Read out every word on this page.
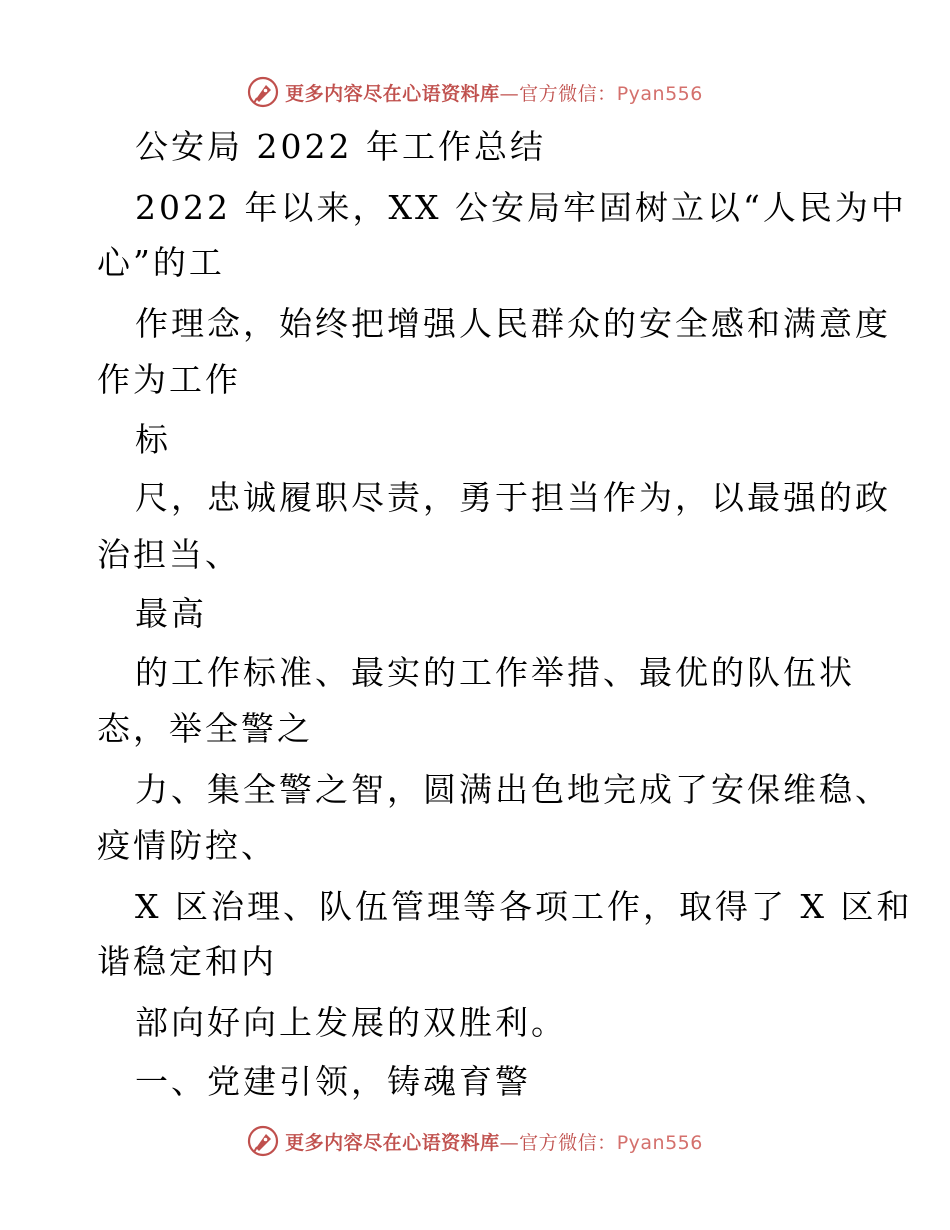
更多内容尽在心语资料库—官方微信：Pyan556
公安局 2022 年工作总结
2022 年以来，XX 公安局牢固树立以“人民为中
心”的工
作理念，始终把增强人民群众的安全感和满意度
作为工作
标
尺，忠诚履职尽责，勇于担当作为，以最强的政
治担当、
最高
的工作标准、最实的工作举措、最优的队伍状
态，举全警之
力、集全警之智，圆满出色地完成了安保维稳、
疫情防控、
X 区治理、队伍管理等各项工作，取得了 X 区和
谐稳定和内
部向好向上发展的双胜利。
一、党建引领，铸魂育警
更多内容尽在心语资料库—官方微信：Pyan556
